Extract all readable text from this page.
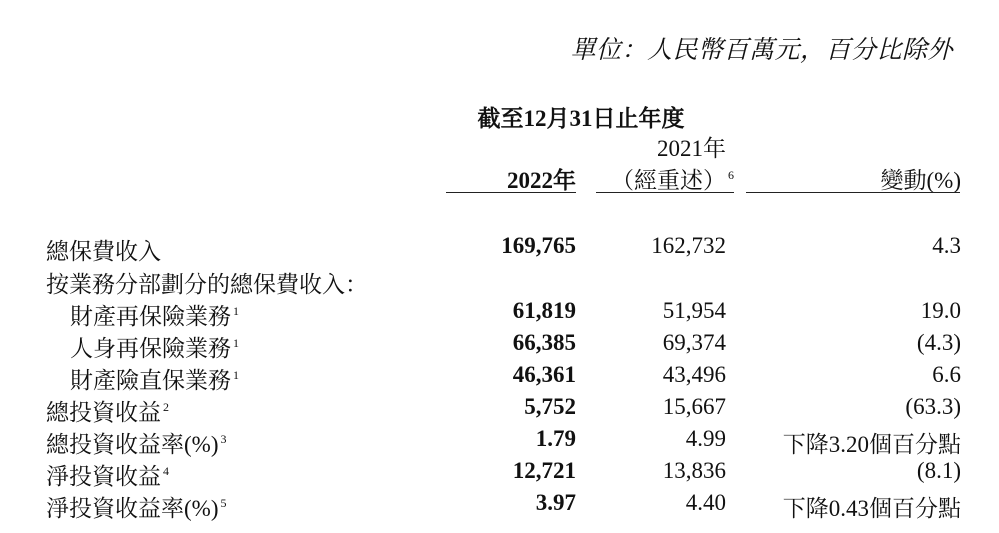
單位：人民幣百萬元，百分比除外
截至12月31日止年度
2022年
2021年
（經重述） $^6$	變動(%)
總保費收入	169,765	162,732	4.3
按業務分部劃分的總保費收入：
財產再保險業務 $^1$	61,819	51,954	19.0
人身再保險業務 $^1$	66,385	69,374	(4.3)
財產險直保業務 $^1$	46,361	43,496	6.6
總投資收益 $^2$	5,752	15,667	(63.3)
總投資收益率(%) $^3$	1.79	4.99 下降3.20個百分點
淨投資收益 $^4$	12,721	13,836	(8.1)
淨投資收益率(%) $^5$	3.97	4.40 下降0.43個百分點
